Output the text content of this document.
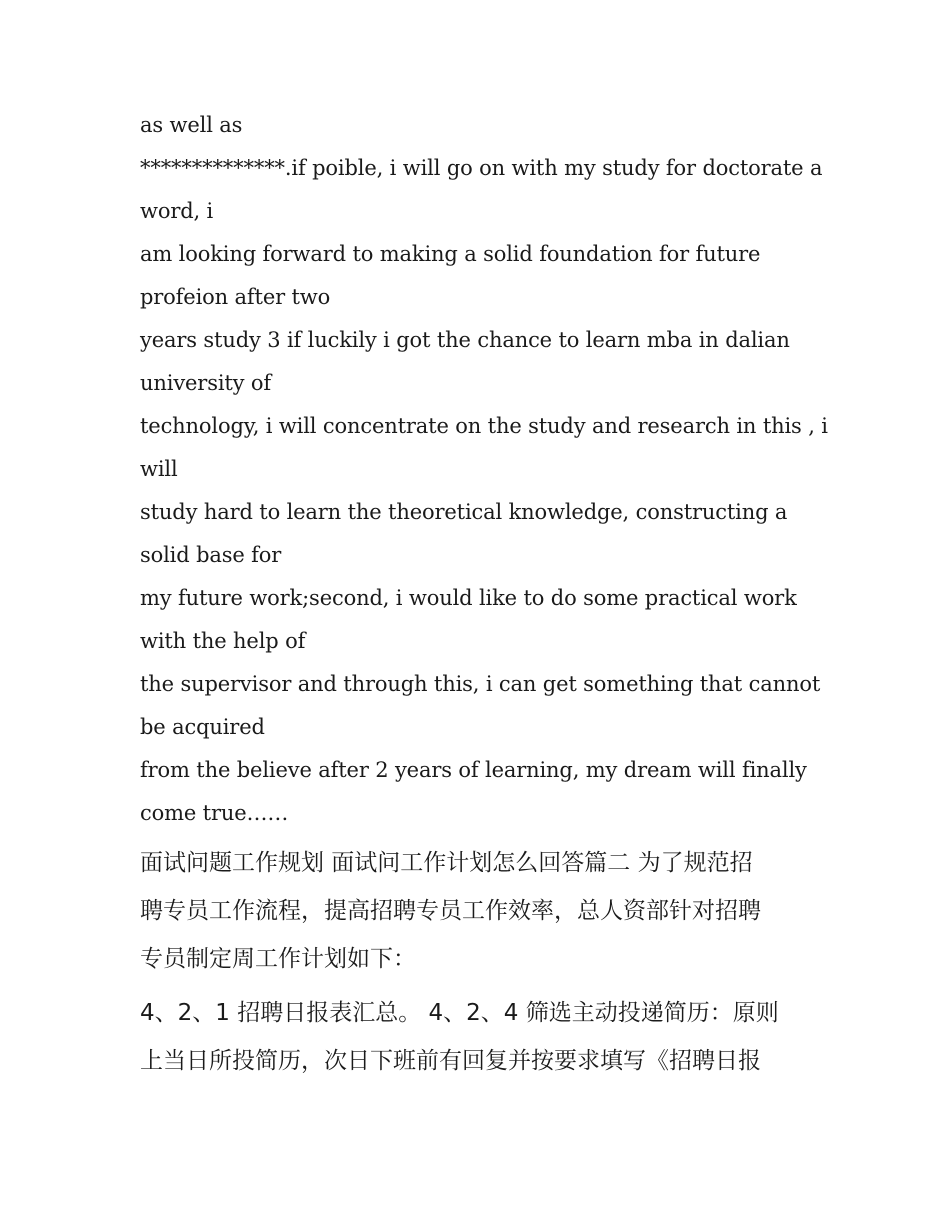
as well as

**************.if poible, i will go on with my study for doctorate a

word, i

am looking forward to making a solid foundation for future

profeion after two

years study 3 if luckily i got the chance to learn mba in dalian

university of

technology, i will concentrate on the study and research in this , i

will

study hard to learn the theoretical knowledge, constructing a

solid base for

my future work;second, i would like to do some practical work

with the help of

the supervisor and through this, i can get something that cannot

be acquired

from the believe after 2 years of learning, my dream will finally

come true……

面试问题工作规划 面试问工作计划怎么回答篇二 为了规范招

聘专员工作流程，提高招聘专员工作效率，总人资部针对招聘

专员制定周工作计划如下：

4、2、1 招聘日报表汇总。 4、2、4 筛选主动投递简历：原则

上当日所投简历，次日下班前有回复并按要求填写《招聘日报
